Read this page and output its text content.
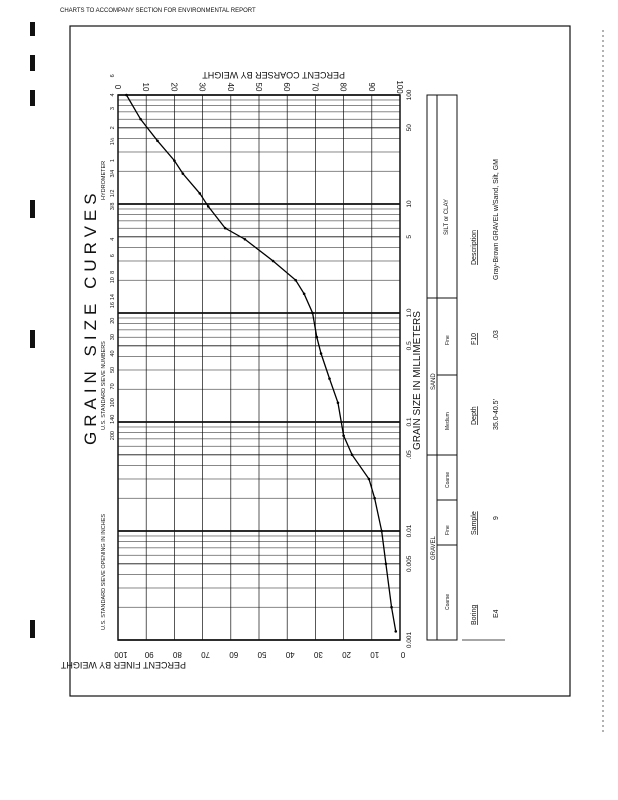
CHARTS TO ACCOMPANY SECTION FOR ENVIRONMENTAL REPORT
GRAIN SIZE CURVES
0
10
20
30
40
50
60
70
80
90
100
100
90
80
70
60
50
40
30
20
10
0
100
50
10
5
1.0
0.5
0.1
.05
0.01
0.005
0.001
6
4
3
2
1½
1
3/4
1/2
3/8
4
6
8
10
14
16
20
30
40
50
70
100
140
200
PERCENT FINER BY WEIGHT
PERCENT COARSER BY WEIGHT
GRAIN SIZE IN MILLIMETERS
U.S. STANDARD SIEVE OPENING IN INCHES
U.S. STANDARD SIEVE NUMBERS
HYDROMETER
SILT or CLAY
SAND
GRAVEL
Fine
Medium
Coarse
Fine
Coarse
Boring
Sample
Depth
F10
Description
E4
9
35.0-40.5'
.03
Gray-Brown GRAVEL w/Sand, Silt, GM
